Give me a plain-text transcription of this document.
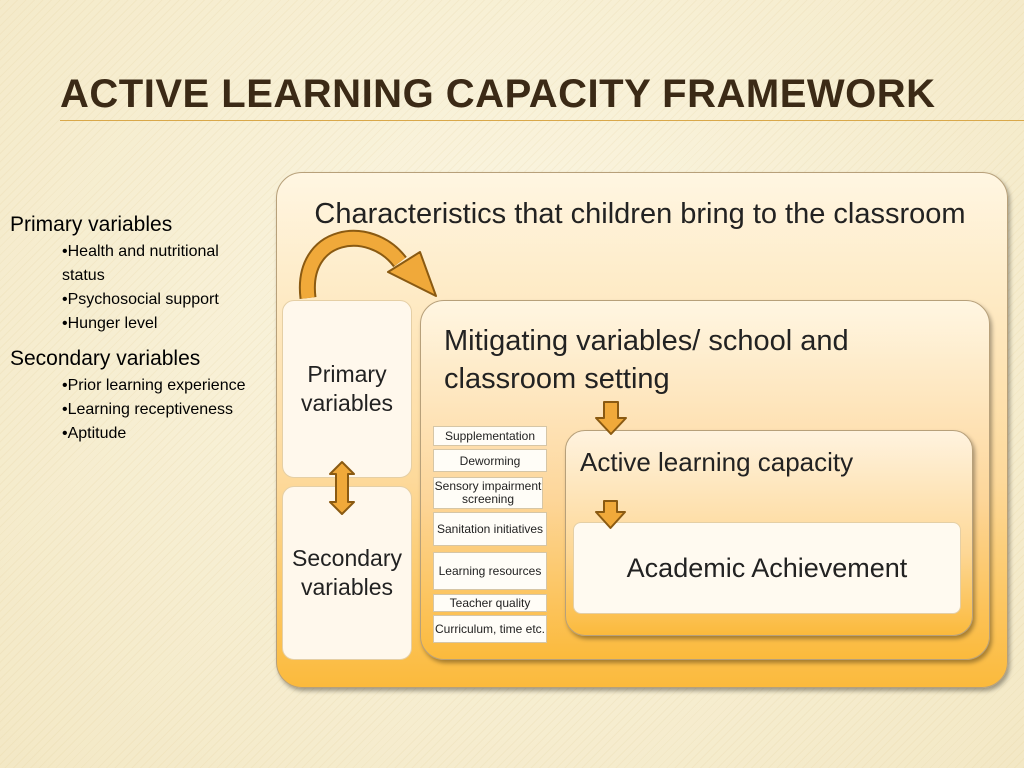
ACTIVE LEARNING CAPACITY FRAMEWORK

Primary variables

•Health and nutritional status
•Psychosocial support
•Hunger level

Secondary variables

•Prior learning experience
•Learning receptiveness
•Aptitude
Characteristics that children bring to the classroom
Primary variables
Secondary variables
Mitigating variables/ school and classroom setting
Active learning capacity
Academic Achievement
Supplementation
Deworming
Sensory impairment screening
Sanitation initiatives
Learning resources
Teacher quality
Curriculum, time etc.
